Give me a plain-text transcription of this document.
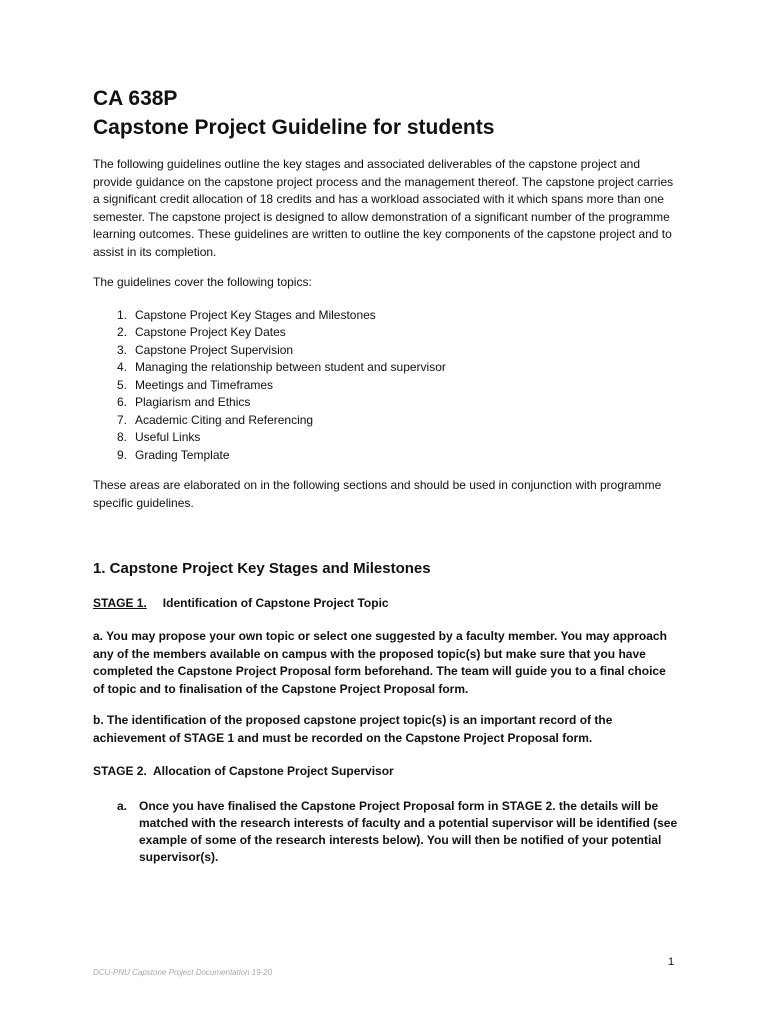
CA 638P
Capstone Project Guideline for students

The following guidelines outline the key stages and associated deliverables of the capstone project and provide guidance on the capstone project process and the management thereof. The capstone project carries a significant credit allocation of 18 credits and has a workload associated with it which spans more than one semester. The capstone project is designed to allow demonstration of a significant number of the programme learning outcomes. These guidelines are written to outline the key components of the capstone project and to assist in its completion.

The guidelines cover the following topics:

1. Capstone Project Key Stages and Milestones
2. Capstone Project Key Dates
3. Capstone Project Supervision
4. Managing the relationship between student and supervisor
5. Meetings and Timeframes
6. Plagiarism and Ethics
7. Academic Citing and Referencing
8. Useful Links
9. Grading Template

These areas are elaborated on in the following sections and should be used in conjunction with programme specific guidelines.

1. Capstone Project Key Stages and Milestones
STAGE 1. Identification of Capstone Project Topic

a. You may propose your own topic or select one suggested by a faculty member. You may approach any of the members available on campus with the proposed topic(s) but make sure that you have completed the Capstone Project Proposal form beforehand. The team will guide you to a final choice of topic and to finalisation of the Capstone Project Proposal form.

b. The identification of the proposed capstone project topic(s) is an important record of the achievement of STAGE 1 and must be recorded on the Capstone Project Proposal form.

STAGE 2.  Allocation of Capstone Project Supervisor

a. Once you have finalised the Capstone Project Proposal form in STAGE 2. the details will be matched with the research interests of faculty and a potential supervisor will be identified (see example of some of the research interests below). You will then be notified of your potential supervisor(s).
1
DCU-PNU Capstone Project Documentation 19-20
